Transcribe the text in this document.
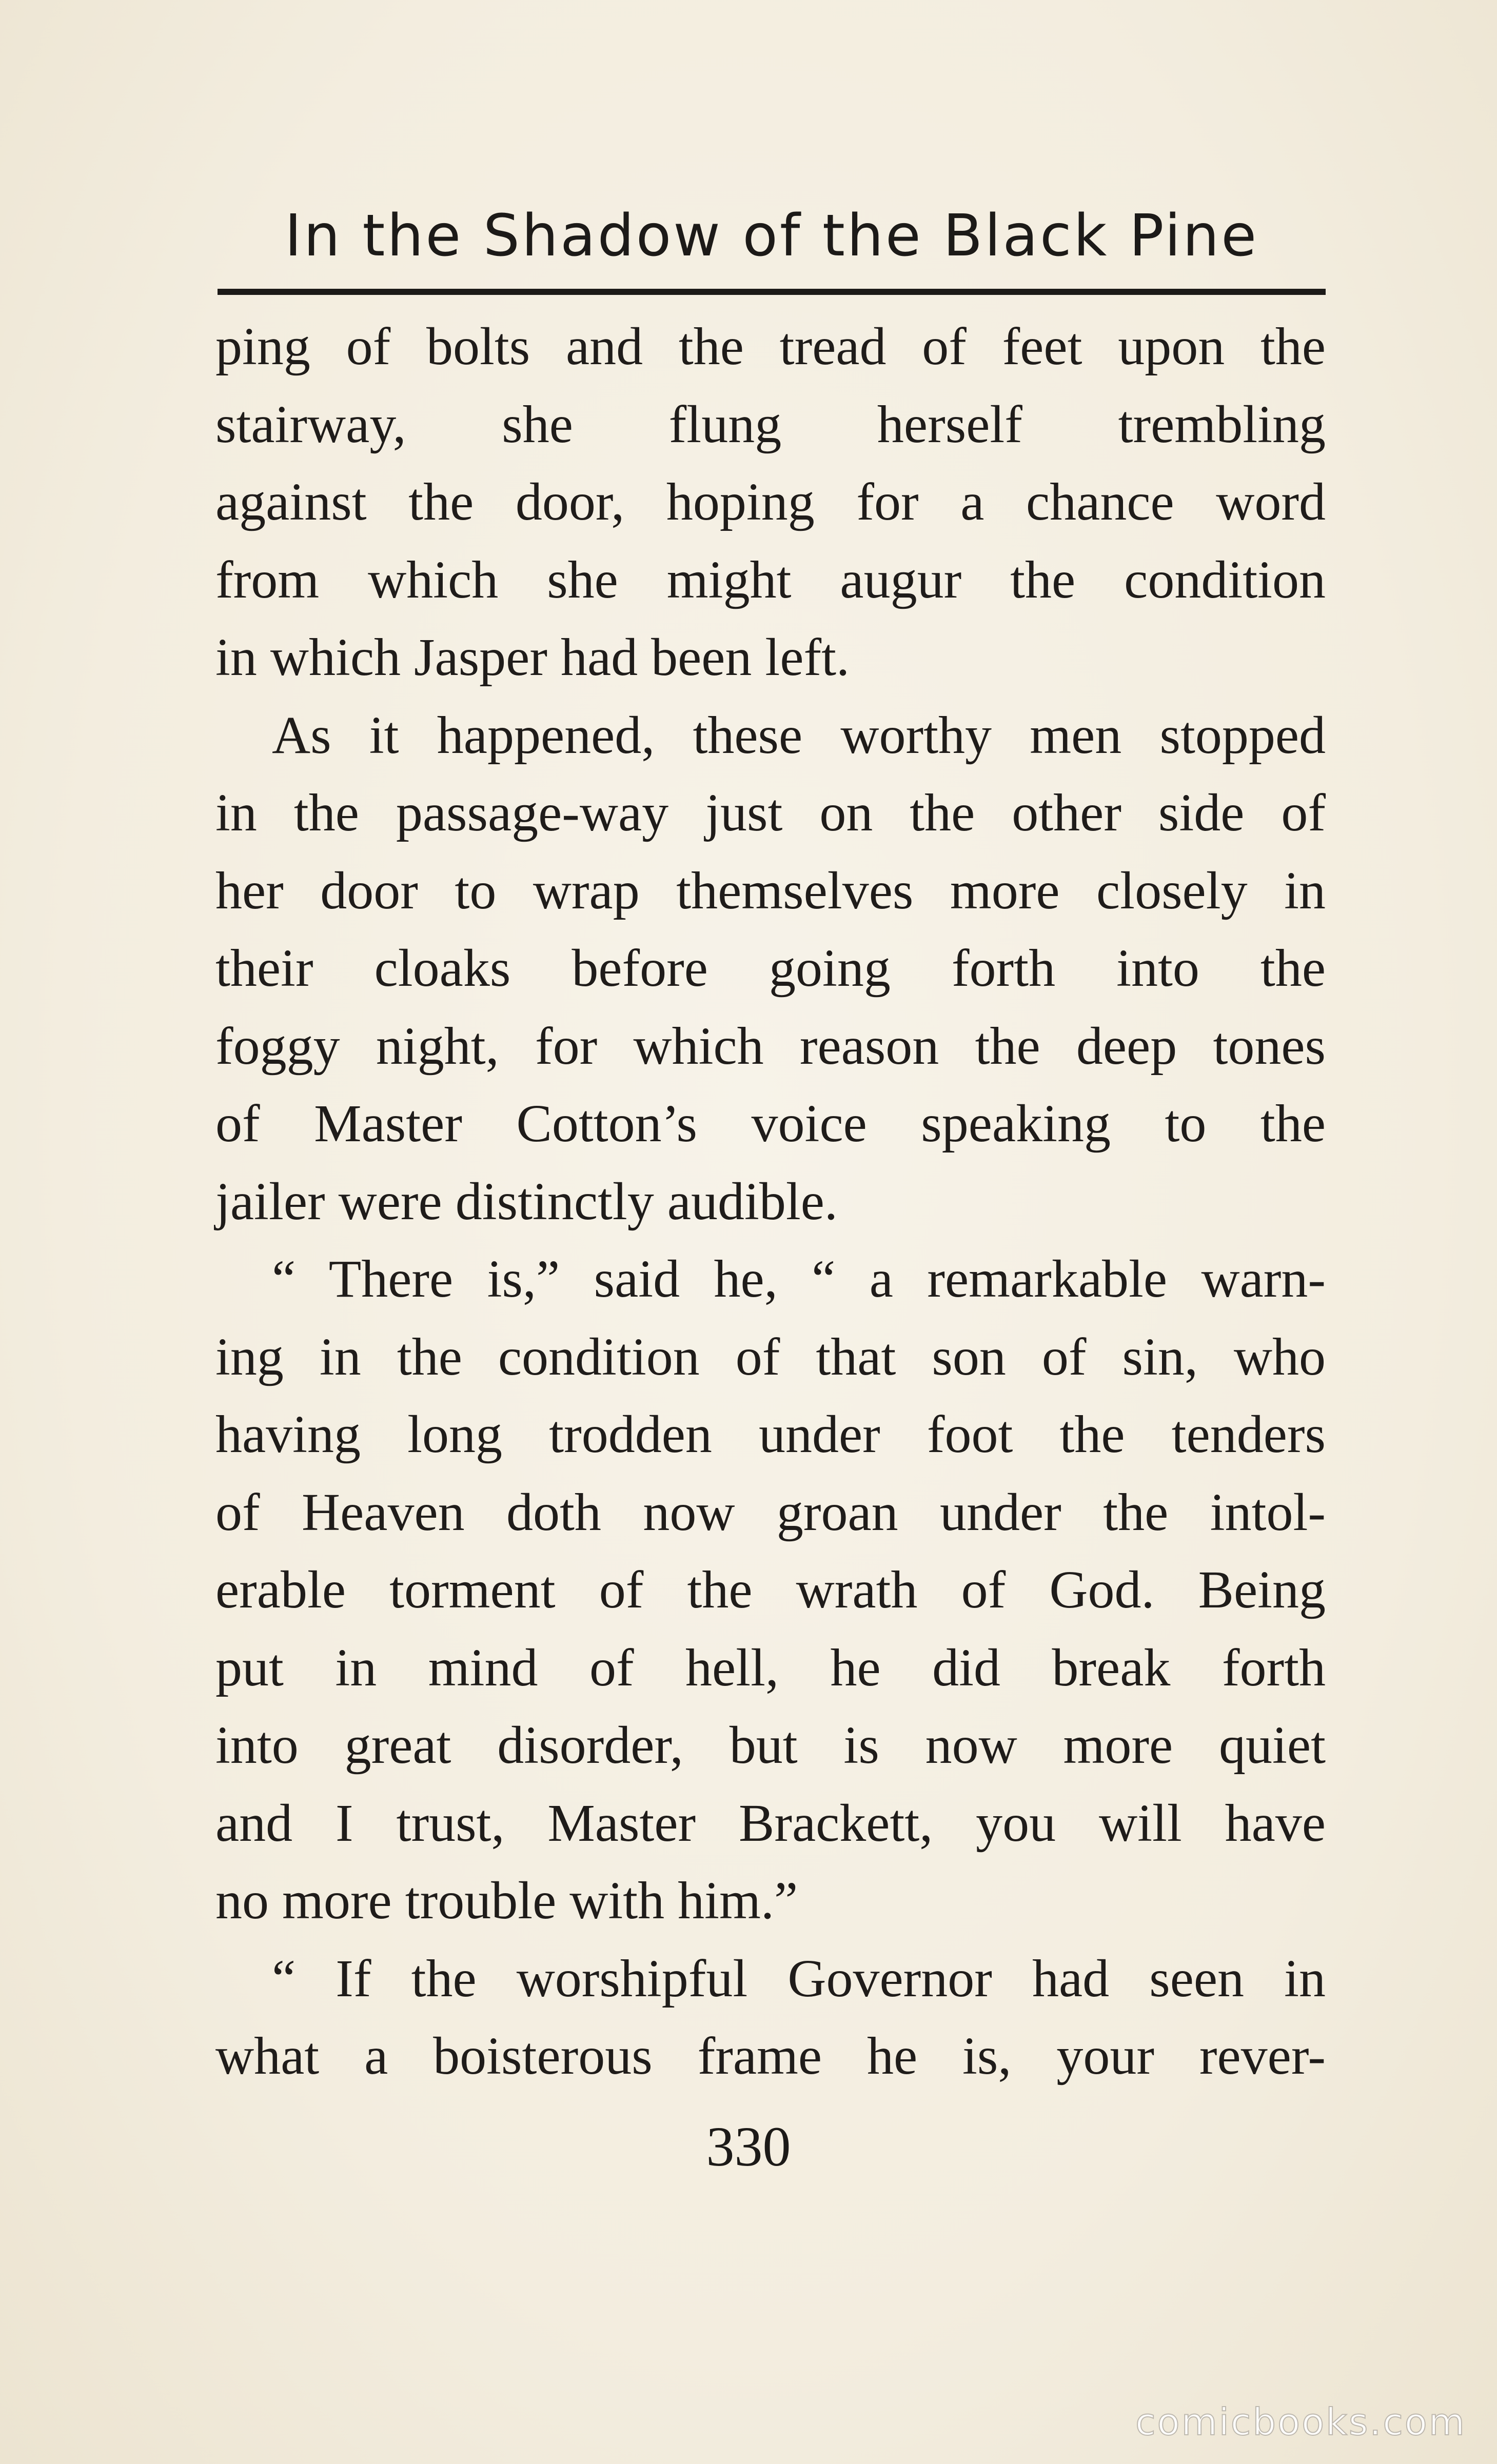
In the Shadow of the Black Pine
ping of bolts and the tread of feet upon the
stairway, she flung herself trembling
against the door, hoping for a chance word
from which she might augur the condition
in which Jasper had been left.
As it happened, these worthy men stopped
in the passage-way just on the other side of
her door to wrap themselves more closely in
their cloaks before going forth into the
foggy night, for which reason the deep tones
of Master Cotton’s voice speaking to the
jailer were distinctly audible.
“ There is,” said he, “ a remarkable warn-
ing in the condition of that son of sin, who
having long trodden under foot the tenders
of Heaven doth now groan under the intol-
erable torment of the wrath of God. Being
put in mind of hell, he did break forth
into great disorder, but is now more quiet
and I trust, Master Brackett, you will have
no more trouble with him.”
“ If the worshipful Governor had seen in
what a boisterous frame he is, your rever-
330
comicbooks.com
